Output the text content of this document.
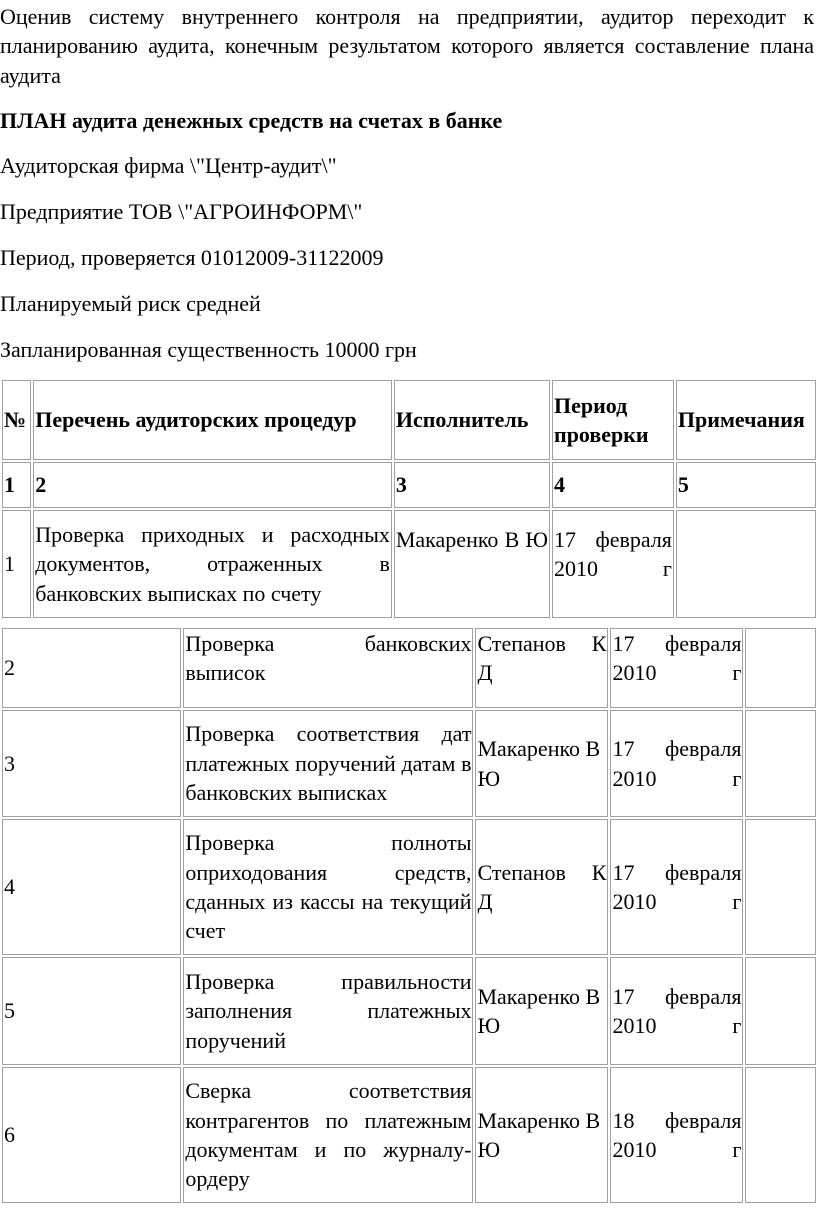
Оценив систему внутреннего контроля на предприятии, аудитор переходит к планированию аудита, конечным результатом которого является составление плана аудита

ПЛАН аудита денежных средств на счетах в банке

Аудиторская фирма \"Центр-аудит\"

Предприятие ТОВ \"АГРОИНФОРМ\"

Период, проверяется 01012009-31122009

Планируемый риск средней

Запланированная существенность 10000 грн

№	Перечень аудиторских процедур	Исполнитель	Период проверки	Примечания
1	2	3	4	5
1	Проверка приходных и расходных документов, отраженных в банковских выписках по счету	Макаренко В Ю	17 февраля 2010 г	
2	Проверка банковских выписок	Степанов К Д	17 февраля 2010 г	
3	Проверка соответствия дат платежных поручений датам в банковских выписках	Макаренко В Ю	17 февраля 2010 г	
4	Проверка полноты оприходования средств, сданных из кассы на текущий счет	Степанов К Д	17 февраля 2010 г	
5	Проверка правильности заполнения платежных поручений	Макаренко В Ю	17 февраля 2010 г	
6	Сверка соответствия контрагентов по платежным документам и по журналу-ордеру	Макаренко В Ю	18 февраля 2010 г	
